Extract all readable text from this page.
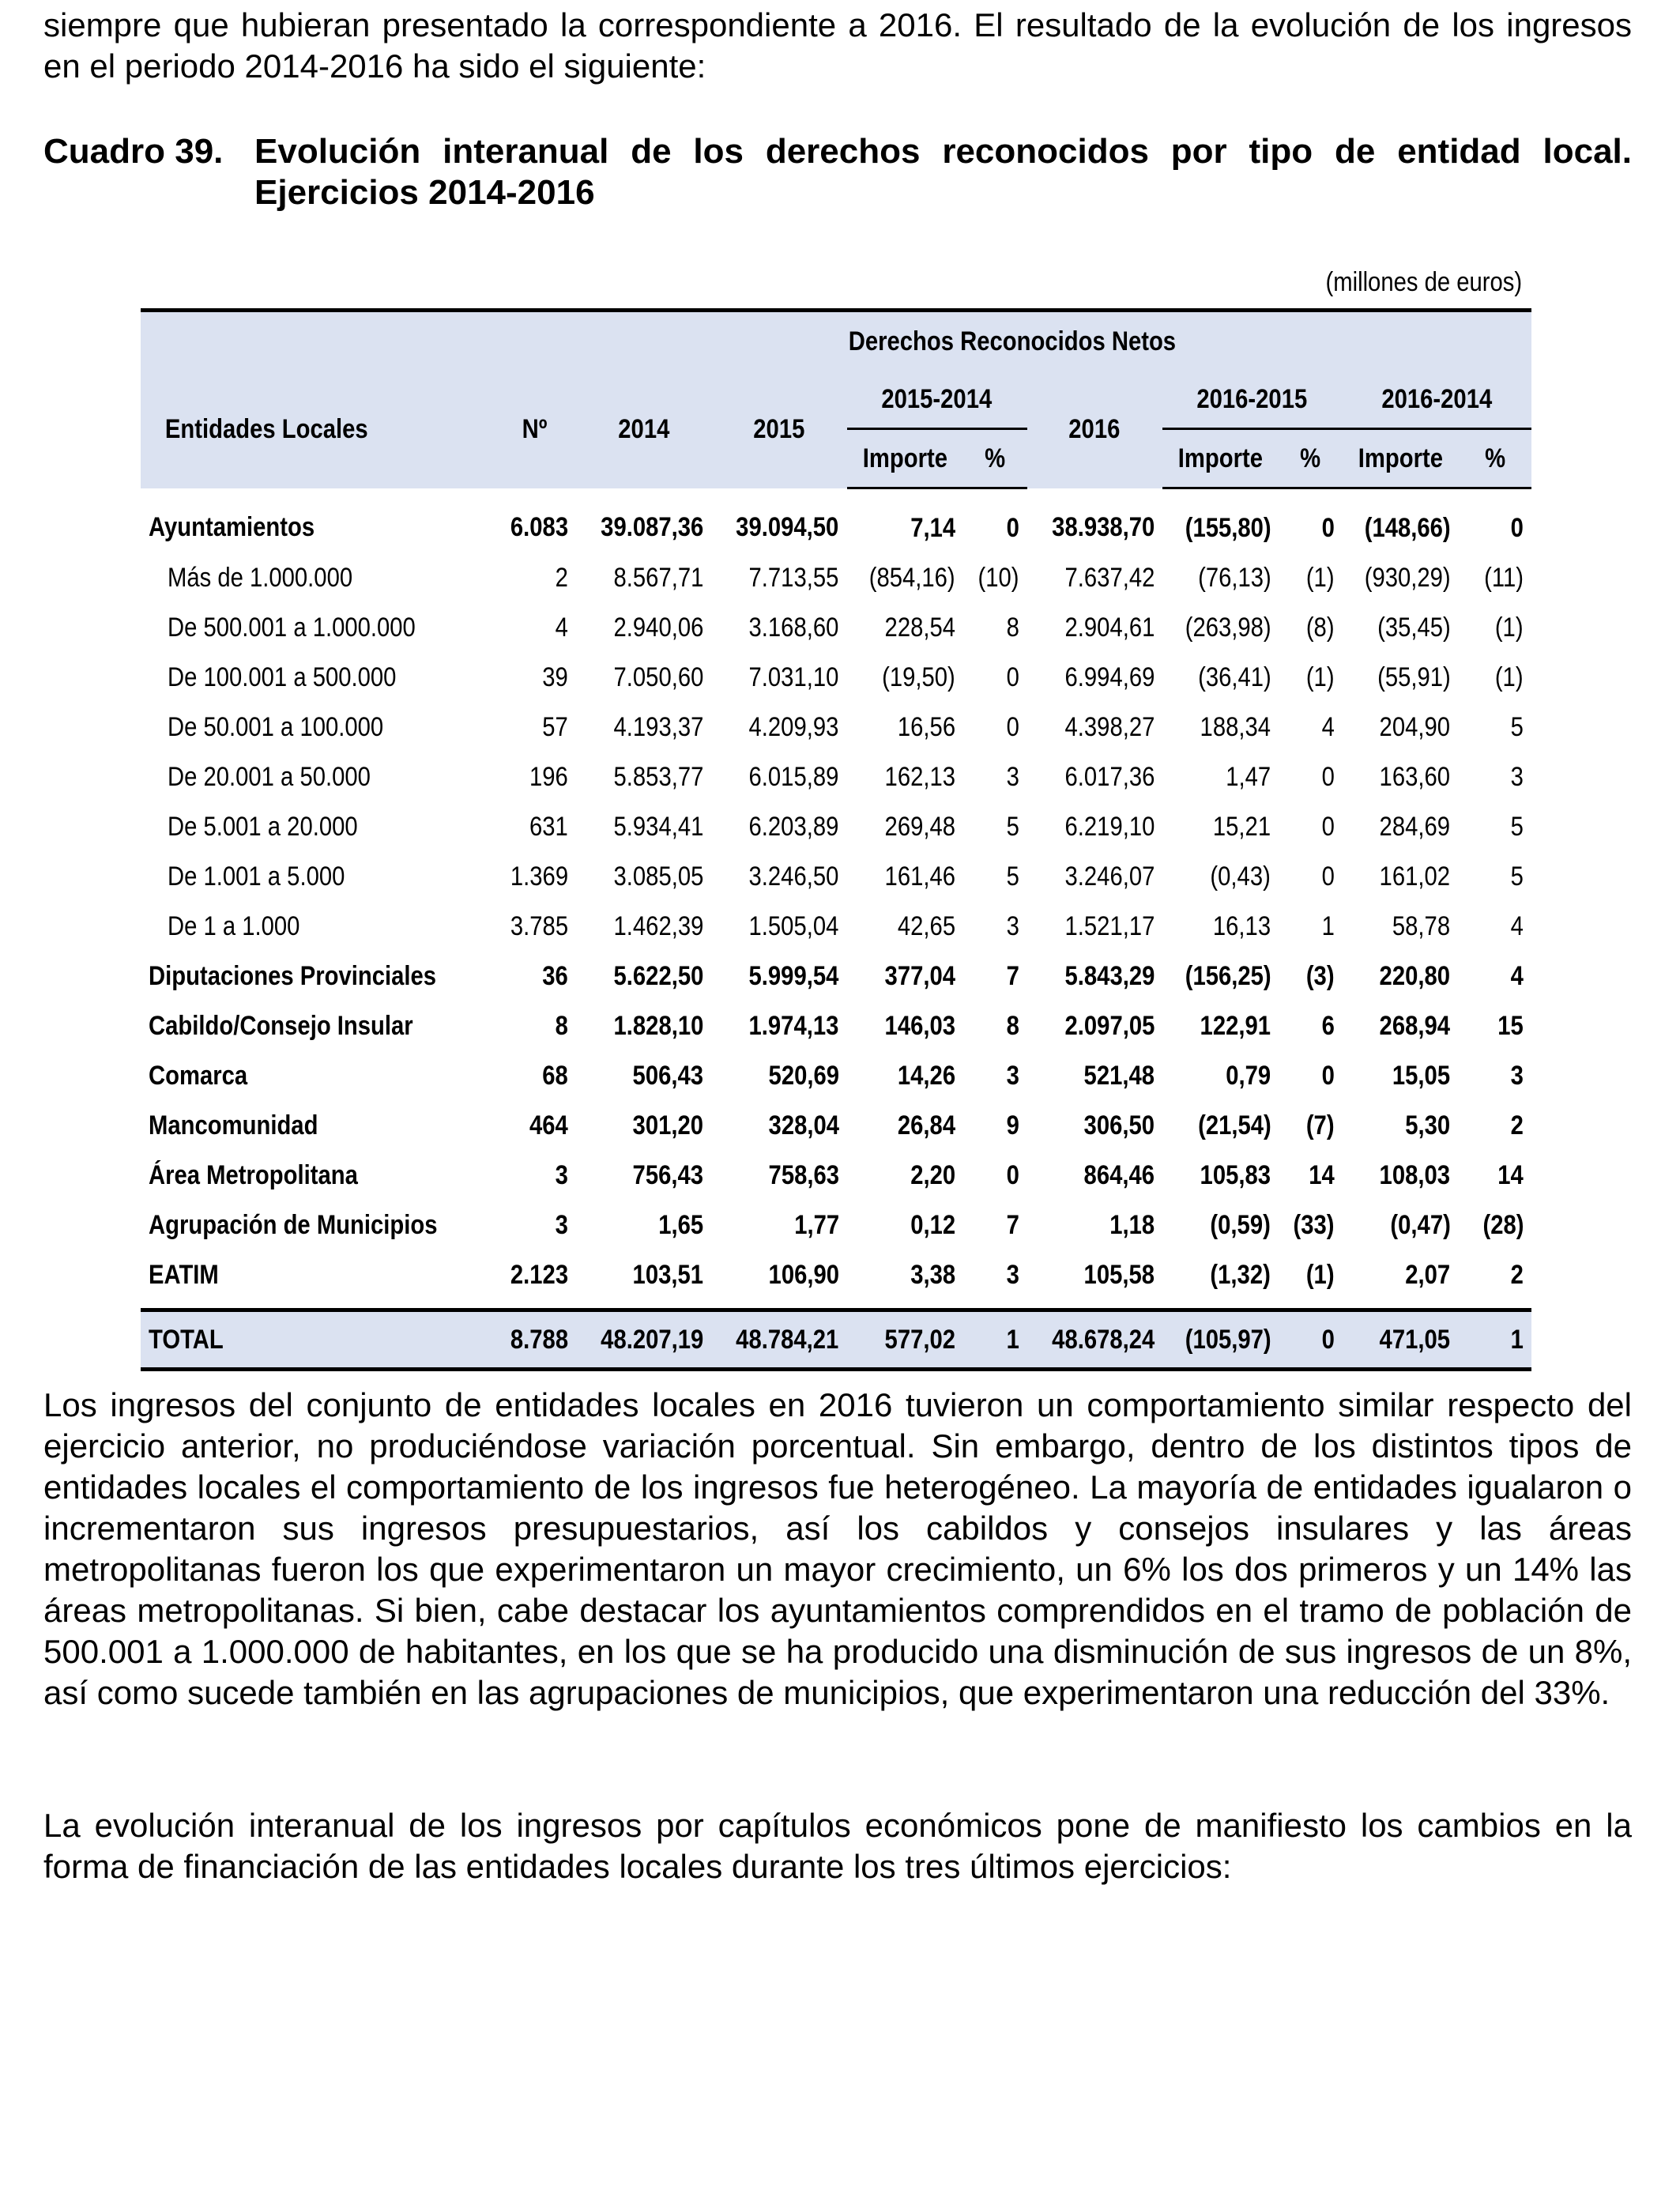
siempre que hubieran presentado la correspondiente a 2016. El resultado de la evolución de los ingresos en el periodo 2014-2016 ha sido el siguiente:

Cuadro 39. Evolución interanual de los derechos reconocidos por tipo de entidad local. Ejercicios 2014-2016
(millones de euros)
	Derechos Reconocidos Netos									
Entidades Locales	Nº	2014	2015	2015-2014		2016	2016-2015		2016-2014	
				Importe	%		Importe	%	Importe	%
Ayuntamientos	6.083	39.087,36	39.094,50	7,14	0	38.938,70	(155,80)	0	(148,66)	0
Más de 1.000.000	2	8.567,71	7.713,55	(854,16)	(10)	7.637,42	(76,13)	(1)	(930,29)	(11)
De 500.001 a 1.000.000	4	2.940,06	3.168,60	228,54	8	2.904,61	(263,98)	(8)	(35,45)	(1)
De 100.001 a 500.000	39	7.050,60	7.031,10	(19,50)	0	6.994,69	(36,41)	(1)	(55,91)	(1)
De 50.001 a 100.000	57	4.193,37	4.209,93	16,56	0	4.398,27	188,34	4	204,90	5
De 20.001 a 50.000	196	5.853,77	6.015,89	162,13	3	6.017,36	1,47	0	163,60	3
De 5.001 a 20.000	631	5.934,41	6.203,89	269,48	5	6.219,10	15,21	0	284,69	5
De 1.001 a 5.000	1.369	3.085,05	3.246,50	161,46	5	3.246,07	(0,43)	0	161,02	5
De 1 a 1.000	3.785	1.462,39	1.505,04	42,65	3	1.521,17	16,13	1	58,78	4
Diputaciones Provinciales	36	5.622,50	5.999,54	377,04	7	5.843,29	(156,25)	(3)	220,80	4
Cabildo/Consejo Insular	8	1.828,10	1.974,13	146,03	8	2.097,05	122,91	6	268,94	15
Comarca	68	506,43	520,69	14,26	3	521,48	0,79	0	15,05	3
Mancomunidad	464	301,20	328,04	26,84	9	306,50	(21,54)	(7)	5,30	2
Área Metropolitana	3	756,43	758,63	2,20	0	864,46	105,83	14	108,03	14
Agrupación de Municipios	3	1,65	1,77	0,12	7	1,18	(0,59)	(33)	(0,47)	(28)
EATIM	2.123	103,51	106,90	3,38	3	105,58	(1,32)	(1)	2,07	2

TOTAL	8.788	48.207,19	48.784,21	577,02	1	48.678,24	(105,97)	0	471,05	1

Los ingresos del conjunto de entidades locales en 2016 tuvieron un comportamiento similar respecto del ejercicio anterior, no produciéndose variación porcentual. Sin embargo, dentro de los distintos tipos de entidades locales el comportamiento de los ingresos fue heterogéneo. La mayoría de entidades igualaron o incrementaron sus ingresos presupuestarios, así los cabildos y consejos insulares y las áreas metropolitanas fueron los que experimentaron un mayor crecimiento, un 6% los dos primeros y un 14% las áreas metropolitanas. Si bien, cabe destacar los ayuntamientos comprendidos en el tramo de población de 500.001 a 1.000.000 de habitantes, en los que se ha producido una disminución de sus ingresos de un 8%, así como sucede también en las agrupaciones de municipios, que experimentaron una reducción del 33%.

La evolución interanual de los ingresos por capítulos económicos pone de manifiesto los cambios en la forma de financiación de las entidades locales durante los tres últimos ejercicios:
